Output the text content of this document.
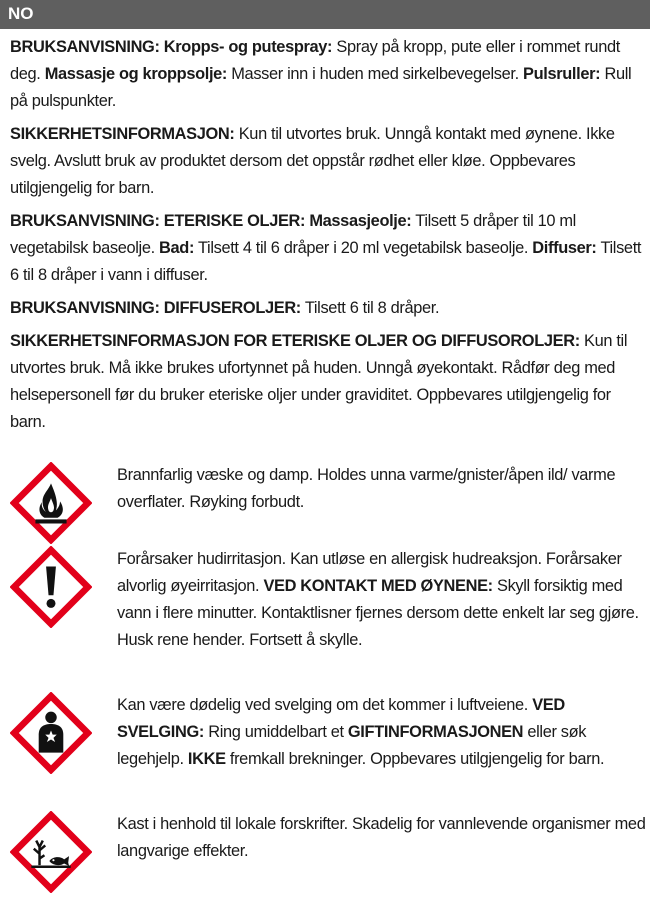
NO

BRUKSANVISNING: Kropps- og putespray: Spray på kropp, pute eller i rommet rundt deg. Massasje og kroppsolje: Masser inn i huden med sirkelbevegelser. Pulsruller: Rull på pulspunkter.

SIKKERHETSINFORMASJON: Kun til utvortes bruk. Unngå kontakt med øynene. Ikke svelg. Avslutt bruk av produktet dersom det oppstår rødhet eller kløe. Oppbevares utilgjengelig for barn.

BRUKSANVISNING: ETERISKE OLJER: Massasjeolje: Tilsett 5 dråper til 10 ml vegetabilsk baseolje. Bad: Tilsett 4 til 6 dråper i 20 ml vegetabilsk baseolje. Diffuser: Tilsett 6 til 8 dråper i vann i diffuser.

BRUKSANVISNING: DIFFUSEROLJER: Tilsett 6 til 8 dråper.

SIKKERHETSINFORMASJON FOR ETERISKE OLJER OG DIFFUSOROLJER: Kun til utvortes bruk. Må ikke brukes ufortynnet på huden. Unngå øyekontakt. Rådfør deg med helsepersonell før du bruker eteriske oljer under graviditet. Oppbevares utilgjengelig for barn.

Brannfarlig væske og damp. Holdes unna varme/gnister/åpen ild/ varme overflater. Røyking forbudt.
Forårsaker hudirritasjon. Kan utløse en allergisk hudreaksjon. Forårsaker alvorlig øyeirritasjon. VED KONTAKT MED ØYNENE: Skyll forsiktig med vann i flere minutter. Kontaktlisner fjernes dersom dette enkelt lar seg gjøre. Husk rene hender. Fortsett å skylle.
Kan være dødelig ved svelging om det kommer i luftveiene. VED SVELGING: Ring umiddelbart et GIFTINFORMASJONEN eller søk legehjelp. IKKE fremkall brekninger. Oppbevares utilgjengelig for barn.
Kast i henhold til lokale forskrifter. Skadelig for vannlevende organismer med langvarige effekter.
